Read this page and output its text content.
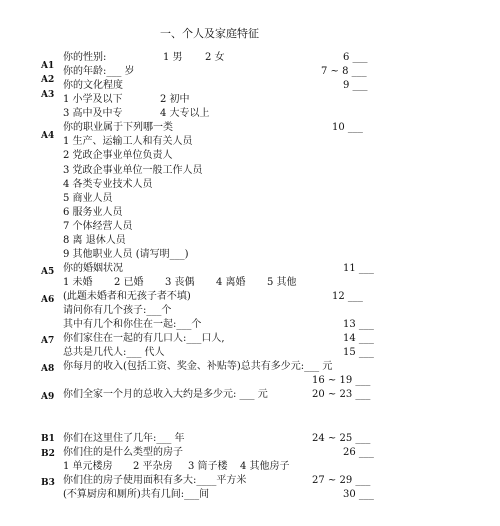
一、个人及家庭特征
你的性别:	1 男 2 女	6 ___
A1 你的年龄:___ 岁	7 ~ 8 ___
A2 你的文化程度	9 ___
A3 1 小学及以下	2 初中
3 高中及中专	4 大专以上
你的职业属于下列哪一类	10 ___
A4 1 生产、运输工人和有关人员
2 党政企事业单位负责人
3 党政企事业单位一般工作人员
4 各类专业技术人员
5 商业人员
6 服务业人员
7 个体经营人员
8 离 退休人员
9 其他职业人员 (请写明___)
A5 你的婚姻状况	11 ___
1 未婚 2 已婚 3 丧偶 4 离婚 5 其他
A6 (此题未婚者和无孩子者不填)	12 ___
请问你有几个孩子:___个
其中有几个和你住在一起:___个	13 ___
A7 你们家住在一起的有几口人:___口人,	14 ___
总共是几代人:___ 代人	15 ___
A8 你每月的收入(包括工资、奖金、补贴等)总共有多少元:___ 元
16 ~ 19 ___
A9 你们全家一个月的总收入大约是多少元: ___ 元	20 ~ 23 ___
B1 你们在这里住了几年:___ 年	24 ~ 25 ___
B2 你们住的是什么类型的房子	26 ___
1 单元楼房 2 平杂房 3 筒子楼 4 其他房子
B3 你们住的房子使用面积有多大:____平方米	27 ~ 29 ___
(不算厨房和厕所)共有几间:___间	30 ___
